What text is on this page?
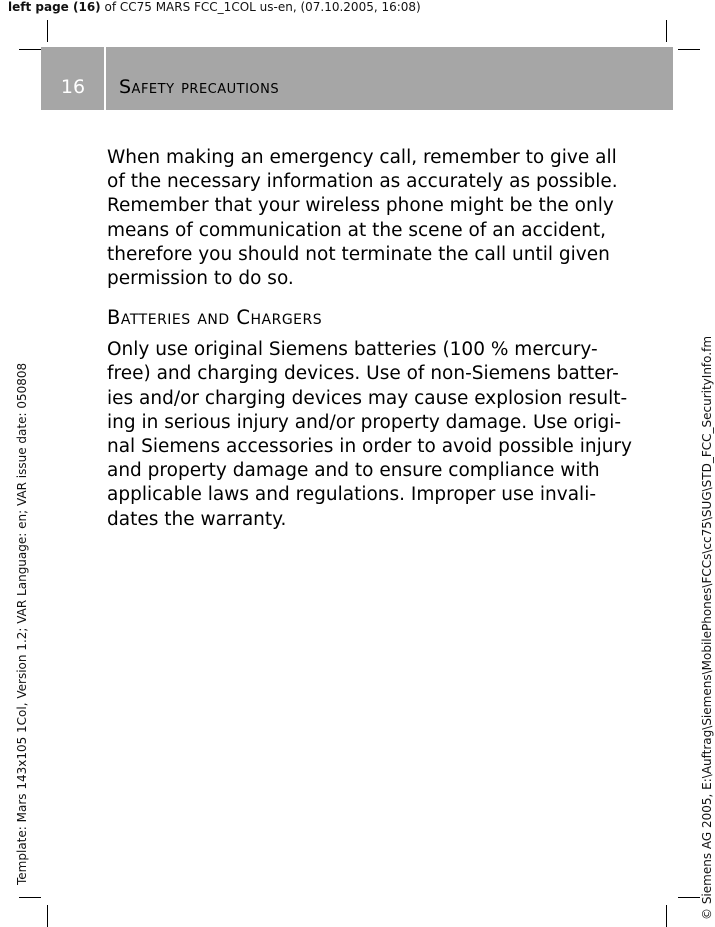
left page (16) of CC75 MARS FCC_1COL us-en, (07.10.2005, 16:08)
Template: Mars 143x105 1Col, Version 1.2; VAR Language: en; VAR issue date: 050808	© Siemens AG 2005, E:\Auftrag\Siemens\MobilePhones\FCCs\cc75\SUG\STD_FCC_SecurityInfo.fm
16	Safety precautions

When making an emergency call, remember to give all
of the necessary information as accurately as possible.
Remember that your wireless phone might be the only
means of communication at the scene of an accident,
therefore you should not terminate the call until given
permission to do so.

Batteries and Chargers

Only use original Siemens batteries (100 % mercury-
free) and charging devices. Use of non-Siemens batter-
ies and/or charging devices may cause explosion result-
ing in serious injury and/or property damage. Use origi-
nal Siemens accessories in order to avoid possible injury
and property damage and to ensure compliance with
applicable laws and regulations. Improper use invali-
dates the warranty.
